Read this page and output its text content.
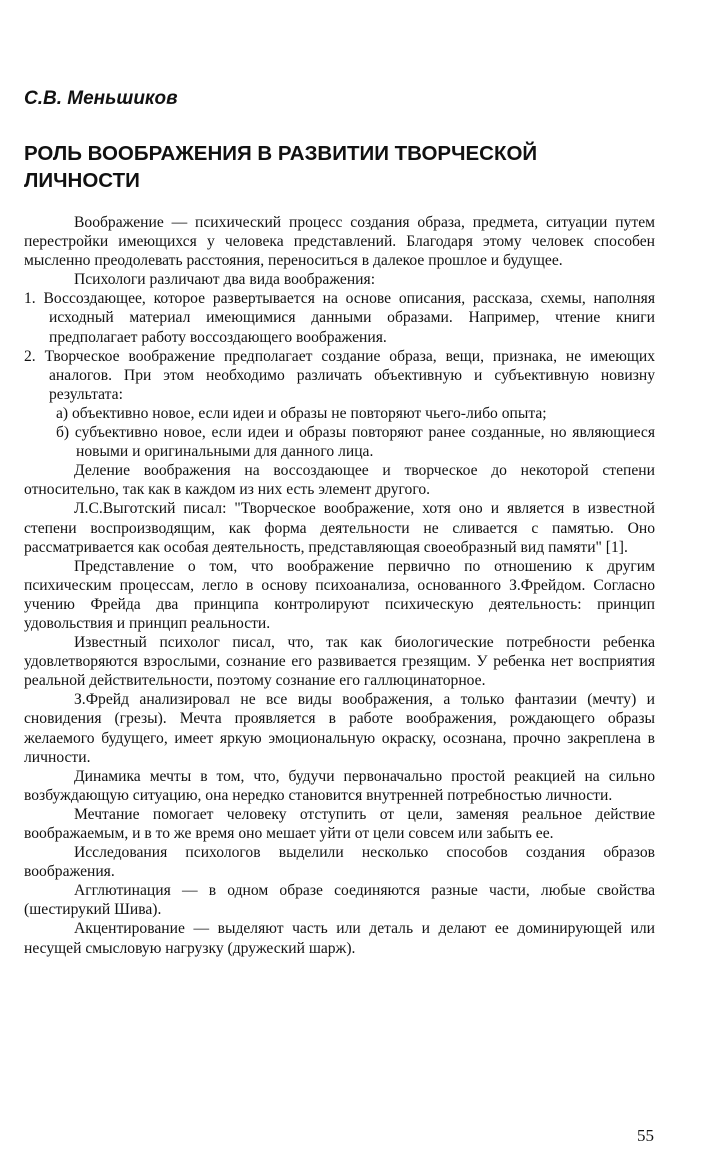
С.В. Меньшиков
РОЛЬ ВООБРАЖЕНИЯ В РАЗВИТИИ ТВОРЧЕСКОЙ ЛИЧНОСТИ

Воображение — психический процесс создания образа, предмета, ситуации путем перестройки имеющихся у человека представлений. Благодаря этому человек способен мысленно преодолевать расстояния, переноситься в далекое прошлое и будущее.

Психологи различают два вида воображения:

1. Воссоздающее, которое развертывается на основе описания, рассказа, схемы, наполняя исходный материал имеющимися данными образами. Например, чтение книги предполагает работу воссоздающего воображения.

2. Творческое воображение предполагает создание образа, вещи, признака, не имеющих аналогов. При этом необходимо различать объективную и субъективную новизну результата:

а) объективно новое, если идеи и образы не повторяют чьего-либо опыта;

б) субъективно новое, если идеи и образы повторяют ранее созданные, но являющиеся новыми и оригинальными для данного лица.

Деление воображения на воссоздающее и творческое до некоторой степени относительно, так как в каждом из них есть элемент другого.

Л.С.Выготский писал: "Творческое воображение, хотя оно и является в известной степени воспроизводящим, как форма деятельности не сливается с памятью. Оно рассматривается как особая деятельность, представляющая своеобразный вид памяти" [1].

Представление о том, что воображение первично по отношению к другим психическим процессам, легло в основу психоанализа, основанного З.Фрейдом. Согласно учению Фрейда два принципа контролируют психическую деятельность: принцип удовольствия и принцип реальности.

Известный психолог писал, что, так как биологические потребности ребенка удовлетворяются взрослыми, сознание его развивается грезящим. У ребенка нет восприятия реальной действительности, поэтому сознание его галлюцинаторное.

З.Фрейд анализировал не все виды воображения, а только фантазии (мечту) и сновидения (грезы). Мечта проявляется в работе воображения, рождающего образы желаемого будущего, имеет яркую эмоциональную окраску, осознана, прочно закреплена в личности.

Динамика мечты в том, что, будучи первоначально простой реакцией на сильно возбуждающую ситуацию, она нередко становится внутренней потребностью личности.

Мечтание помогает человеку отступить от цели, заменяя реальное действие воображаемым, и в то же время оно мешает уйти от цели совсем или забыть ее.

Исследования психологов выделили несколько способов создания образов воображения.

Агглютинация — в одном образе соединяются разные части, любые свойства (шестирукий Шива).

Акцентирование — выделяют часть или деталь и делают ее доминирующей или несущей смысловую нагрузку (дружеский шарж).

55
